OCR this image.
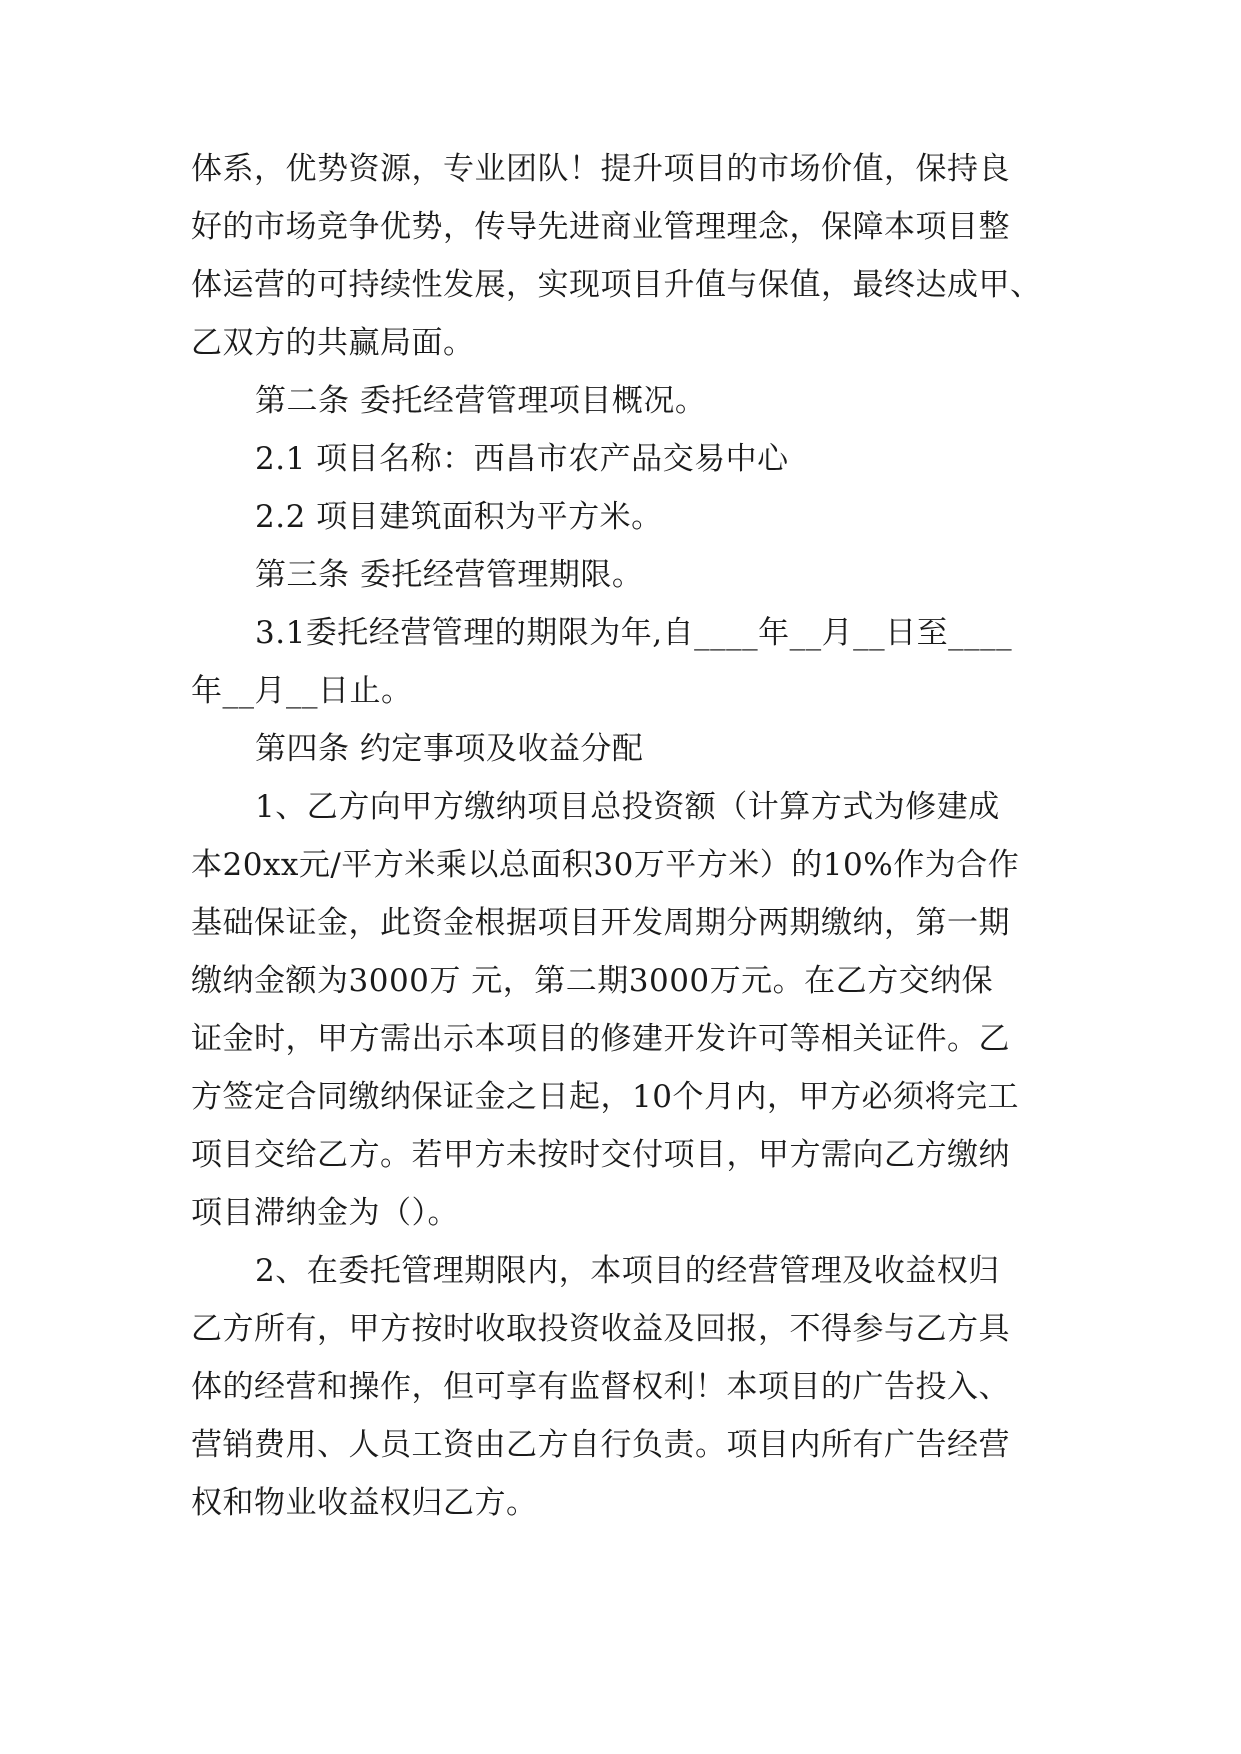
体系，优势资源，专业团队！提升项目的市场价值，保持良
好的市场竞争优势，传导先进商业管理理念，保障本项目整
体运营的可持续性发展，实现项目升值与保值，最终达成甲、
乙双方的共赢局面。
第二条 委托经营管理项目概况。
2.1 项目名称：西昌市农产品交易中心
2.2 项目建筑面积为平方米。
第三条 委托经营管理期限。
3.1委托经营管理的期限为年,自____年__月__日至____
年__月__日止。
第四条 约定事项及收益分配
1、乙方向甲方缴纳项目总投资额（计算方式为修建成
本20xx元/平方米乘以总面积30万平方米）的10%作为合作
基础保证金，此资金根据项目开发周期分两期缴纳，第一期
缴纳金额为3000万 元，第二期3000万元。在乙方交纳保
证金时，甲方需出示本项目的修建开发许可等相关证件。乙
方签定合同缴纳保证金之日起，10个月内，甲方必须将完工
项目交给乙方。若甲方未按时交付项目，甲方需向乙方缴纳
项目滞纳金为（）。
2、在委托管理期限内，本项目的经营管理及收益权归
乙方所有，甲方按时收取投资收益及回报，不得参与乙方具
体的经营和操作，但可享有监督权利！本项目的广告投入、
营销费用、人员工资由乙方自行负责。项目内所有广告经营
权和物业收益权归乙方。
